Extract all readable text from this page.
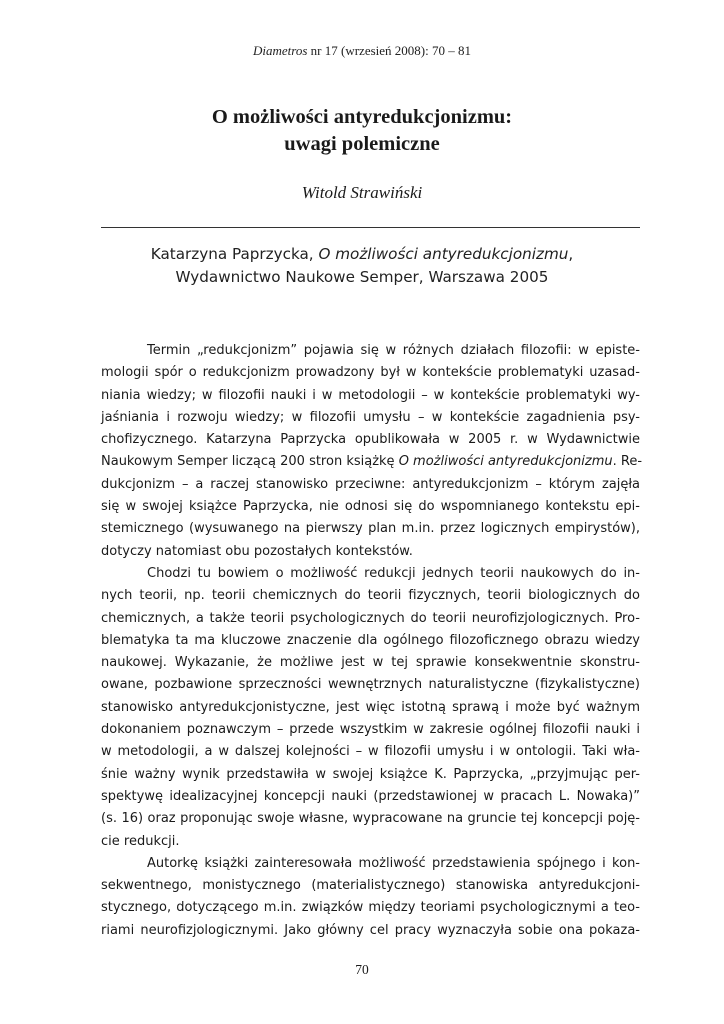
Diametros nr 17 (wrzesień 2008): 70 – 81
O możliwości antyredukcjonizmu:
uwagi polemiczne
Witold Strawiński
Katarzyna Paprzycka, O możliwości antyredukcjonizmu,
Wydawnictwo Naukowe Semper, Warszawa 2005
Termin „redukcjonizm” pojawia się w różnych działach filozofii: w episte-
mologii spór o redukcjonizm prowadzony był w kontekście problematyki uzasad-
niania wiedzy; w filozofii nauki i w metodologii – w kontekście problematyki wy-
jaśniania i rozwoju wiedzy; w filozofii umysłu – w kontekście zagadnienia psy-
chofizycznego. Katarzyna Paprzycka opublikowała w 2005 r. w Wydawnictwie
Naukowym Semper liczącą 200 stron książkę O możliwości antyredukcjonizmu. Re-
dukcjonizm – a raczej stanowisko przeciwne: antyredukcjonizm – którym zajęła
się w swojej książce Paprzycka, nie odnosi się do wspomnianego kontekstu epi-
stemicznego (wysuwanego na pierwszy plan m.in. przez logicznych empirystów),
dotyczy natomiast obu pozostałych kontekstów.
Chodzi tu bowiem o możliwość redukcji jednych teorii naukowych do in-
nych teorii, np. teorii chemicznych do teorii fizycznych, teorii biologicznych do
chemicznych, a także teorii psychologicznych do teorii neurofizjologicznych. Pro-
blematyka ta ma kluczowe znaczenie dla ogólnego filozoficznego obrazu wiedzy
naukowej. Wykazanie, że możliwe jest w tej sprawie konsekwentnie skonstru-
owane, pozbawione sprzeczności wewnętrznych naturalistyczne (fizykalistyczne)
stanowisko antyredukcjonistyczne, jest więc istotną sprawą i może być ważnym
dokonaniem poznawczym – przede wszystkim w zakresie ogólnej filozofii nauki i
w metodologii, a w dalszej kolejności – w filozofii umysłu i w ontologii. Taki wła-
śnie ważny wynik przedstawiła w swojej książce K. Paprzycka, „przyjmując per-
spektywę idealizacyjnej koncepcji nauki (przedstawionej w pracach L. Nowaka)”
(s. 16) oraz proponując swoje własne, wypracowane na gruncie tej koncepcji poję-
cie redukcji.
Autorkę książki zainteresowała możliwość przedstawienia spójnego i kon-
sekwentnego, monistycznego (materialistycznego) stanowiska antyredukcjoni-
stycznego, dotyczącego m.in. związków między teoriami psychologicznymi a teo-
riami neurofizjologicznymi. Jako główny cel pracy wyznaczyła sobie ona pokaza-
70
